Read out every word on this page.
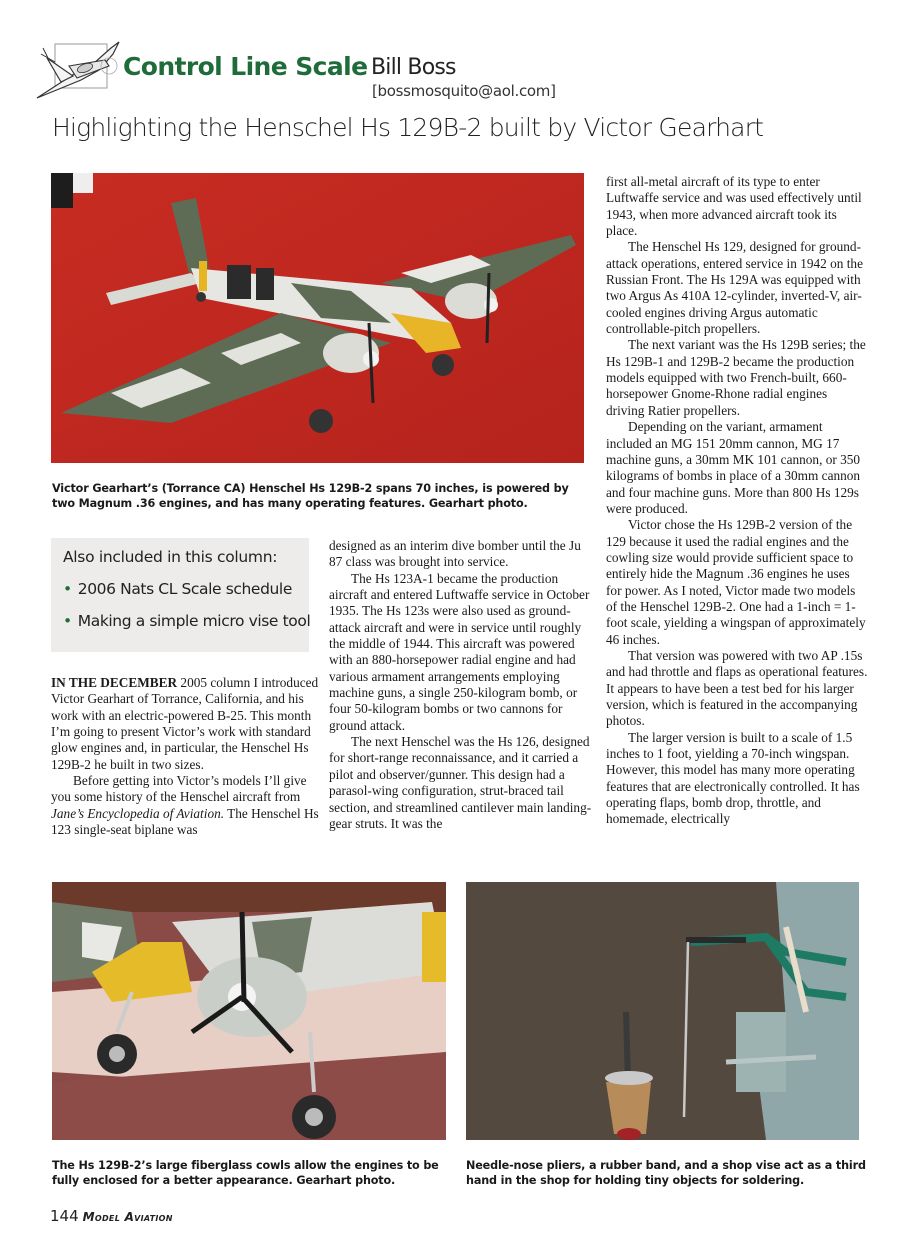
Control Line Scale Bill Boss
[bossmosquito@aol.com]
Highlighting the Henschel Hs 129B-2 built by Victor Gearhart
Victor Gearhart’s (Torrance CA) Henschel Hs 129B-2 spans 70 inches, is powered by two Magnum .36 engines, and has many operating features. Gearhart photo.
Also included in this column:
• 2006 Nats CL Scale schedule
• Making a simple micro vise tool

IN THE DECEMBER 2005 column I introduced Victor Gearhart of Torrance, California, and his work with an electric-powered B-25. This month I’m going to present Victor’s work with standard glow engines and, in particular, the Henschel Hs 129B-2 he built in two sizes.

Before getting into Victor’s models I’ll give you some history of the Henschel aircraft from Jane’s Encyclopedia of Aviation. The Henschel Hs 123 single-seat biplane was

designed as an interim dive bomber until the Ju 87 class was brought into service.

The Hs 123A-1 became the production aircraft and entered Luftwaffe service in October 1935. The Hs 123s were also used as ground-attack aircraft and were in service until roughly the middle of 1944. This aircraft was powered with an 880-horsepower radial engine and had various armament arrangements employing machine guns, a single 250-kilogram bomb, or four 50-kilogram bombs or two cannons for ground attack.

The next Henschel was the Hs 126, designed for short-range reconnaissance, and it carried a pilot and observer/gunner. This design had a parasol-wing configuration, strut-braced tail section, and streamlined cantilever main landing-gear struts. It was the

first all-metal aircraft of its type to enter Luftwaffe service and was used effectively until 1943, when more advanced aircraft took its place.

The Henschel Hs 129, designed for ground-attack operations, entered service in 1942 on the Russian Front. The Hs 129A was equipped with two Argus As 410A 12-cylinder, inverted-V, air-cooled engines driving Argus automatic controllable-pitch propellers.

The next variant was the Hs 129B series; the Hs 129B-1 and 129B-2 became the production models equipped with two French-built, 660-horsepower Gnome-Rhone radial engines driving Ratier propellers.

Depending on the variant, armament included an MG 151 20mm cannon, MG 17 machine guns, a 30mm MK 101 cannon, or 350 kilograms of bombs in place of a 30mm cannon and four machine guns. More than 800 Hs 129s were produced.

Victor chose the Hs 129B-2 version of the 129 because it used the radial engines and the cowling size would provide sufficient space to entirely hide the Magnum .36 engines he uses for power. As I noted, Victor made two models of the Henschel 129B-2. One had a 1-inch = 1-foot scale, yielding a wingspan of approximately 46 inches.

That version was powered with two AP .15s and had throttle and flaps as operational features. It appears to have been a test bed for his larger version, which is featured in the accompanying photos.

The larger version is built to a scale of 1.5 inches to 1 foot, yielding a 70-inch wingspan. However, this model has many more operating features that are electronically controlled. It has operating flaps, bomb drop, throttle, and homemade, electrically

The Hs 129B-2’s large fiberglass cowls allow the engines to be fully enclosed for a better appearance. Gearhart photo.
Needle-nose pliers, a rubber band, and a shop vise act as a third hand in the shop for holding tiny objects for soldering.
144 Model Aviation
